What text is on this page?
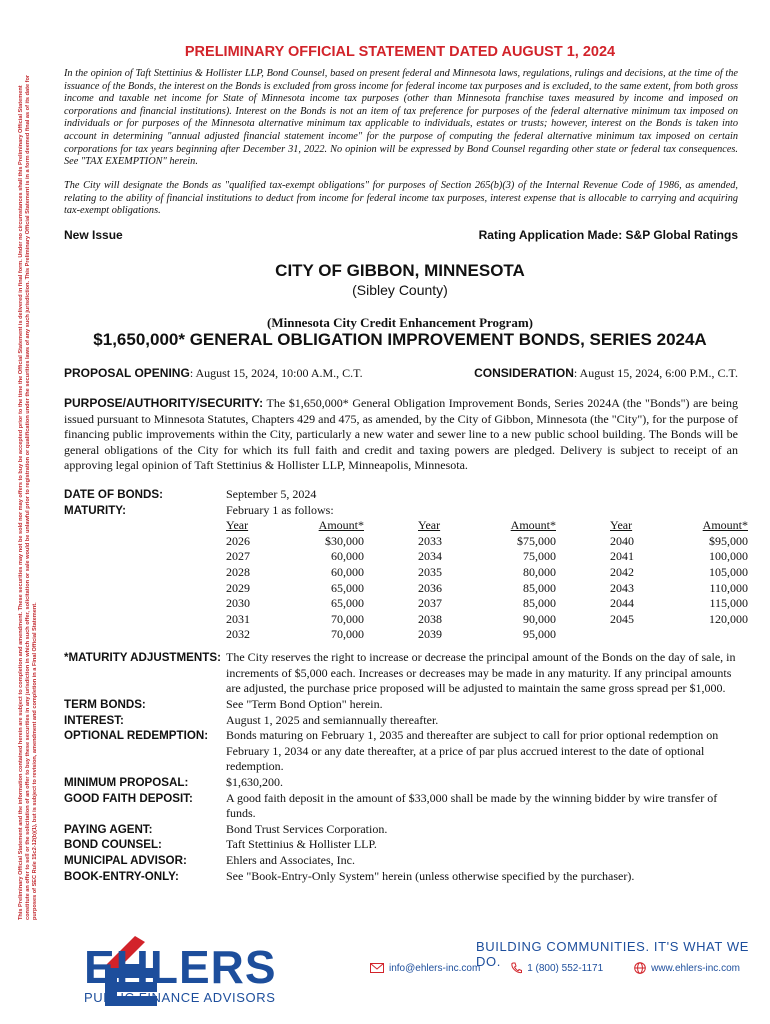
This Preliminary Official Statement and the information contained herein are subject to completion and amendment. These securities may not be sold nor may offers to buy be accepted prior to the time the Official Statement is delivered in final form. Under no circumstances shall this Preliminary Official Statement constitute an offer to sell or the solicitation of an offer to buy these securities in any jurisdiction in which such offer, solicitation or sale would be unlawful prior to registration or qualification under the securities laws of any such jurisdiction. This Preliminary Official Statement is in a form deemed final as of its date for purposes of SEC Rule 15c2-12(b)(1), but is subject to revision, amendment and completion in a Final Official Statement.
PRELIMINARY OFFICIAL STATEMENT DATED AUGUST 1, 2024
In the opinion of Taft Stettinius & Hollister LLP, Bond Counsel, based on present federal and Minnesota laws, regulations, rulings and decisions, at the time of the issuance of the Bonds, the interest on the Bonds is excluded from gross income for federal income tax purposes and is excluded, to the same extent, from both gross income and taxable net income for State of Minnesota income tax purposes (other than Minnesota franchise taxes measured by income and imposed on corporations and financial institutions). Interest on the Bonds is not an item of tax preference for purposes of the federal alternative minimum tax imposed on individuals or for purposes of the Minnesota alternative minimum tax applicable to individuals, estates or trusts; however, interest on the Bonds is taken into account in determining "annual adjusted financial statement income" for the purpose of computing the federal alternative minimum tax imposed on certain corporations for tax years beginning after December 31, 2022. No opinion will be expressed by Bond Counsel regarding other state or federal tax consequences. See "TAX EXEMPTION" herein.
The City will designate the Bonds as "qualified tax-exempt obligations" for purposes of Section 265(b)(3) of the Internal Revenue Code of 1986, as amended, relating to the ability of financial institutions to deduct from income for federal income tax purposes, interest expense that is allocable to carrying and acquiring tax-exempt obligations.
New Issue	Rating Application Made: S&P Global Ratings
CITY OF GIBBON, MINNESOTA
(Sibley County)
(Minnesota City Credit Enhancement Program)
$1,650,000* GENERAL OBLIGATION IMPROVEMENT BONDS, SERIES 2024A
PROPOSAL OPENING: August 15, 2024, 10:00 A.M., C.T.	CONSIDERATION: August 15, 2024, 6:00 P.M., C.T.
PURPOSE/AUTHORITY/SECURITY: The $1,650,000* General Obligation Improvement Bonds, Series 2024A (the "Bonds") are being issued pursuant to Minnesota Statutes, Chapters 429 and 475, as amended, by the City of Gibbon, Minnesota (the "City"), for the purpose of financing public improvements within the City, particularly a new water and sewer line to a new public school building. The Bonds will be general obligations of the City for which its full faith and credit and taxing powers are pledged. Delivery is subject to receipt of an approving legal opinion of Taft Stettinius & Hollister LLP, Minneapolis, Minnesota.
DATE OF BONDS:	September 5, 2024
MATURITY:	February 1 as follows:
Year	Amount*
2026	$30,000
2027	60,000
2028	60,000
2029	65,000
2030	65,000
2031	70,000
2032	70,000
Year	Amount*
2033	$75,000
2034	75,000
2035	80,000
2036	85,000
2037	85,000
2038	90,000
2039	95,000
Year	Amount*
2040	$95,000
2041	100,000
2042	105,000
2043	110,000
2044	115,000
2045	120,000
*MATURITY ADJUSTMENTS: The City reserves the right to increase or decrease the principal amount of the Bonds on the day of sale, in increments of $5,000 each. Increases or decreases may be made in any maturity. If any principal amounts are adjusted, the purchase price proposed will be adjusted to maintain the same gross spread per $1,000.
TERM BONDS:	See "Term Bond Option" herein.
INTEREST:	August 1, 2025 and semiannually thereafter.
OPTIONAL REDEMPTION:	Bonds maturing on February 1, 2035 and thereafter are subject to call for prior optional redemption on February 1, 2034 or any date thereafter, at a price of par plus accrued interest to the date of optional redemption.
MINIMUM PROPOSAL:	$1,630,200.
GOOD FAITH DEPOSIT:	A good faith deposit in the amount of $33,000 shall be made by the winning bidder by wire transfer of funds.
PAYING AGENT:	Bond Trust Services Corporation.
BOND COUNSEL:	Taft Stettinius & Hollister LLP.
MUNICIPAL ADVISOR:	Ehlers and Associates, Inc.
BOOK-ENTRY-ONLY:	See "Book-Entry-Only System" herein (unless otherwise specified by the purchaser).
EHLERS
PUBLIC FINANCE ADVISORS
BUILDING COMMUNITIES. IT'S WHAT WE DO.
info@ehlers-inc.com	1 (800) 552-1171	www.ehlers-inc.com
